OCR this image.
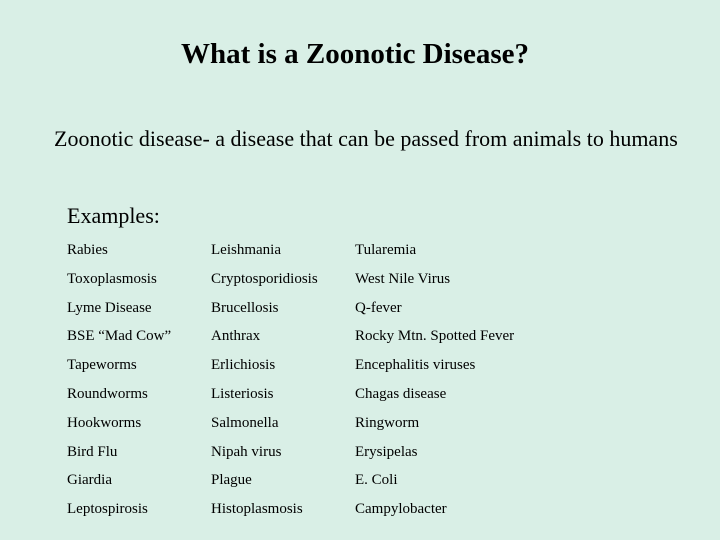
What is a Zoonotic Disease?
Zoonotic disease- a disease that can be passed from animals to humans
Examples:
Rabies	Leishmania	Tularemia
Toxoplasmosis	Cryptosporidiosis	West Nile Virus
Lyme Disease	Brucellosis	Q-fever
BSE “Mad Cow”	Anthrax	Rocky Mtn. Spotted Fever
Tapeworms	Erlichiosis	Encephalitis viruses
Roundworms	Listeriosis	Chagas disease
Hookworms	Salmonella	Ringworm
Bird Flu	Nipah virus	Erysipelas
Giardia	Plague	E. Coli
Leptospirosis	Histoplasmosis	Campylobacter
